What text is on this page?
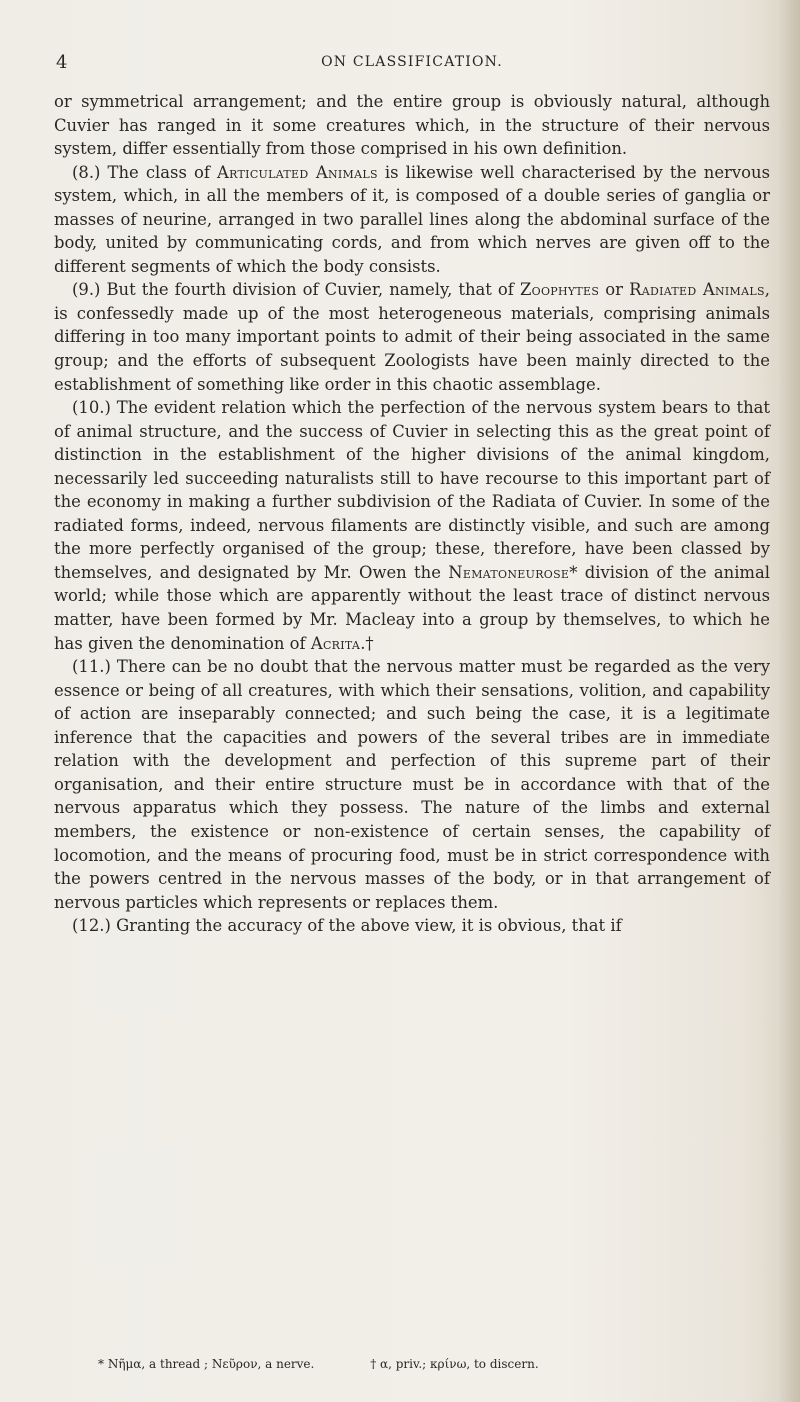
4	ON CLASSIFICATION.

or symmetrical arrangement; and the entire group is obviously natural, although Cuvier has ranged in it some creatures which, in the structure of their nervous system, differ essentially from those comprised in his own definition.

(8.) The class of Articulated Animals is likewise well characterised by the nervous system, which, in all the members of it, is composed of a double series of ganglia or masses of neurine, arranged in two parallel lines along the abdominal surface of the body, united by communicating cords, and from which nerves are given off to the different segments of which the body consists.

(9.) But the fourth division of Cuvier, namely, that of Zoophytes or Radiated Animals, is confessedly made up of the most heterogeneous materials, comprising animals differing in too many important points to admit of their being associated in the same group; and the efforts of subsequent Zoologists have been mainly directed to the establishment of something like order in this chaotic assemblage.

(10.) The evident relation which the perfection of the nervous system bears to that of animal structure, and the success of Cuvier in selecting this as the great point of distinction in the establishment of the higher divisions of the animal kingdom, necessarily led succeeding naturalists still to have recourse to this important part of the economy in making a further subdivision of the Radiata of Cuvier. In some of the radiated forms, indeed, nervous filaments are distinctly visible, and such are among the more perfectly organised of the group; these, therefore, have been classed by themselves, and designated by Mr. Owen the Nematoneurose* division of the animal world; while those which are apparently without the least trace of distinct nervous matter, have been formed by Mr. Macleay into a group by themselves, to which he has given the denomination of Acrita.†

(11.) There can be no doubt that the nervous matter must be regarded as the very essence or being of all creatures, with which their sensations, volition, and capability of action are inseparably connected; and such being the case, it is a legitimate inference that the capacities and powers of the several tribes are in immediate relation with the development and perfection of this supreme part of their organisation, and their entire structure must be in accordance with that of the nervous apparatus which they possess. The nature of the limbs and external members, the existence or non-existence of certain senses, the capability of locomotion, and the means of procuring food, must be in strict correspondence with the powers centred in the nervous masses of the body, or in that arrangement of nervous particles which represents or replaces them.

(12.) Granting the accuracy of the above view, it is obvious, that if

* Νῆμα, a thread ; Νεῦρον, a nerve.	† α, priv.; κρίνω, to discern.
